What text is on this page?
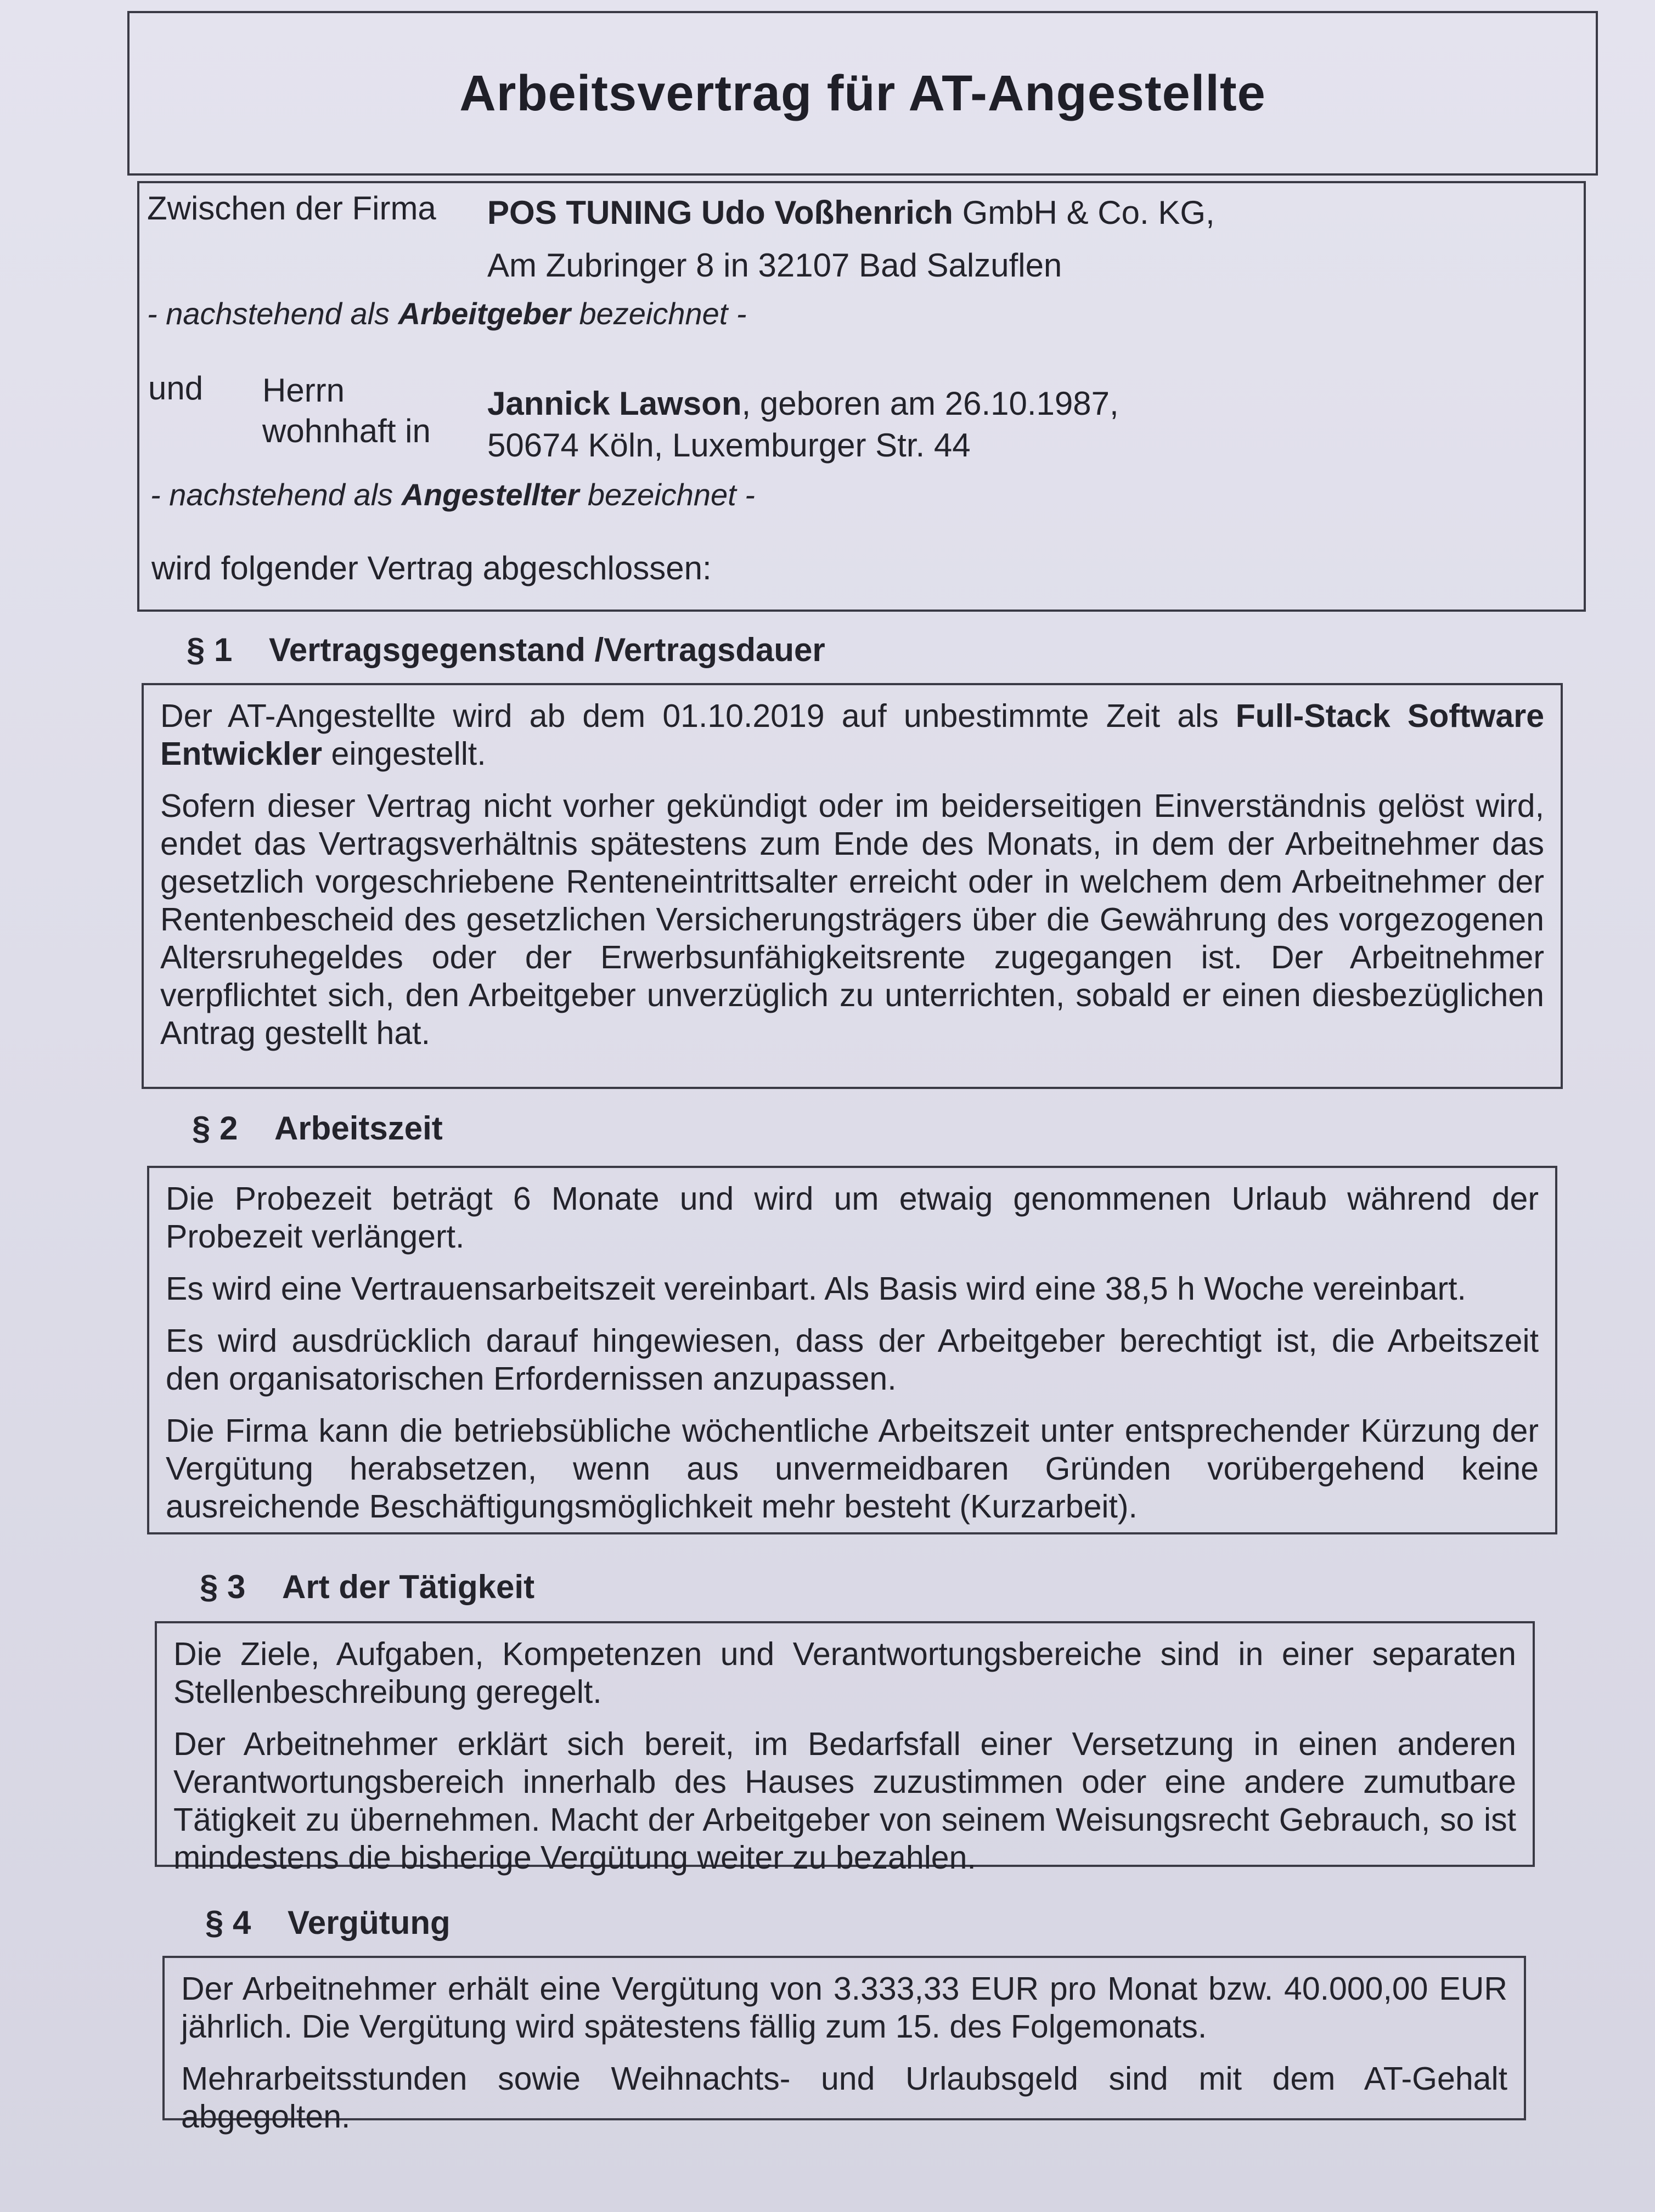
Arbeitsvertrag für AT-Angestellte
Zwischen der Firma POS TUNING Udo Voßhenrich GmbH & Co. KG,
Am Zubringer 8 in 32107 Bad Salzuflen
- nachstehend als Arbeitgeber bezeichnet -
und Herrn
wohnhaft in
Jannick Lawson, geboren am 26.10.1987,
50674 Köln, Luxemburger Str. 44
- nachstehend als Angestellter bezeichnet -
wird folgender Vertrag abgeschlossen:
§ 1 Vertragsgegenstand /Vertragsdauer

Der AT-Angestellte wird ab dem 01.10.2019 auf unbestimmte Zeit als Full-Stack Software Entwickler eingestellt.

Sofern dieser Vertrag nicht vorher gekündigt oder im beiderseitigen Einverständnis gelöst wird, endet das Vertragsverhältnis spätestens zum Ende des Monats, in dem der Arbeitnehmer das gesetzlich vorgeschriebene Renteneintrittsalter erreicht oder in welchem dem Arbeitnehmer der Rentenbescheid des gesetzlichen Versicherungsträgers über die Gewährung des vorgezogenen Altersruhegeldes oder der Erwerbsunfähigkeitsrente zugegangen ist. Der Arbeitnehmer verpflichtet sich, den Arbeitgeber unverzüglich zu unterrichten, sobald er einen diesbezüglichen Antrag gestellt hat.

§ 2 Arbeitszeit

Die Probezeit beträgt 6 Monate und wird um etwaig genommenen Urlaub während der Probezeit verlängert.

Es wird eine Vertrauensarbeitszeit vereinbart. Als Basis wird eine 38,5 h Woche vereinbart.

Es wird ausdrücklich darauf hingewiesen, dass der Arbeitgeber berechtigt ist, die Arbeitszeit den organisatorischen Erfordernissen anzupassen.

Die Firma kann die betriebsübliche wöchentliche Arbeitszeit unter entsprechender Kürzung der Vergütung herabsetzen, wenn aus unvermeidbaren Gründen vorübergehend keine ausreichende Beschäftigungsmöglichkeit mehr besteht (Kurzarbeit).

§ 3 Art der Tätigkeit

Die Ziele, Aufgaben, Kompetenzen und Verantwortungsbereiche sind in einer separaten Stellenbeschreibung geregelt.

Der Arbeitnehmer erklärt sich bereit, im Bedarfsfall einer Versetzung in einen anderen Verantwortungsbereich innerhalb des Hauses zuzustimmen oder eine andere zumutbare Tätigkeit zu übernehmen. Macht der Arbeitgeber von seinem Weisungsrecht Gebrauch, so ist mindestens die bisherige Vergütung weiter zu bezahlen.

§ 4 Vergütung

Der Arbeitnehmer erhält eine Vergütung von 3.333,33 EUR pro Monat bzw. 40.000,00 EUR jährlich. Die Vergütung wird spätestens fällig zum 15. des Folgemonats.

Mehrarbeitsstunden sowie Weihnachts- und Urlaubsgeld sind mit dem AT-Gehalt abgegolten.
